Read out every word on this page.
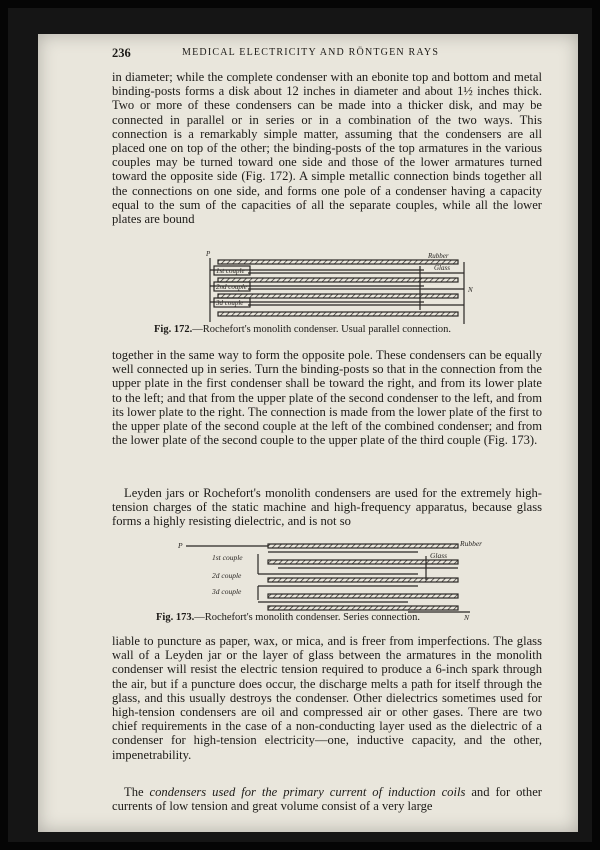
236	MEDICAL ELECTRICITY AND RÖNTGEN RAYS

in diameter; while the complete condenser with an ebonite top and bottom and metal binding-posts forms a disk about 12 inches in diameter and about 1½ inches thick. Two or more of these condensers can be made into a thicker disk, and may be connected in parallel or in series or in a combination of the two ways. This connection is a remarkably simple matter, assuming that the condensers are all placed one on top of the other; the binding-posts of the top armatures in the various couples may be turned toward one side and those of the lower armatures turned toward the opposite side (Fig. 172). A simple metallic connection binds together all the connections on one side, and forms one pole of a condenser having a capacity equal to the sum of the capacities of all the separate couples, while all the lower plates are bound

P
N
Rubber
Glass
1st couple
2nd couple
3d couple
Fig. 172.—Rochefort's monolith condenser. Usual parallel connection.

together in the same way to form the opposite pole. These condensers can be equally well connected up in series. Turn the binding-posts so that in the connection from the upper plate in the first condenser shall be toward the right, and from its lower plate to the left; and that from the upper plate of the second condenser to the left, and from its lower plate to the right. The connection is made from the lower plate of the first to the upper plate of the second couple at the left of the combined condenser; and from the lower plate of the second couple to the upper plate of the third couple (Fig. 173).

Leyden jars or Rochefort's monolith condensers are used for the extremely high-tension charges of the static machine and high-frequency apparatus, because glass forms a highly resisting dielectric, and is not so

P
N
Rubber
Glass
1st couple
2d couple
3d couple
Fig. 173.—Rochefort's monolith condenser. Series connection.

liable to puncture as paper, wax, or mica, and is freer from imperfections. The glass wall of a Leyden jar or the layer of glass between the armatures in the monolith condenser will resist the electric tension required to produce a 6-inch spark through the air, but if a puncture does occur, the discharge melts a path for itself through the glass, and this usually destroys the condenser. Other dielectrics sometimes used for high-tension condensers are oil and compressed air or other gases. There are two chief requirements in the case of a non-conducting layer used as the dielectric of a condenser for high-tension electricity—one, inductive capacity, and the other, impenetrability.

The condensers used for the primary current of induction coils and for other currents of low tension and great volume consist of a very large
